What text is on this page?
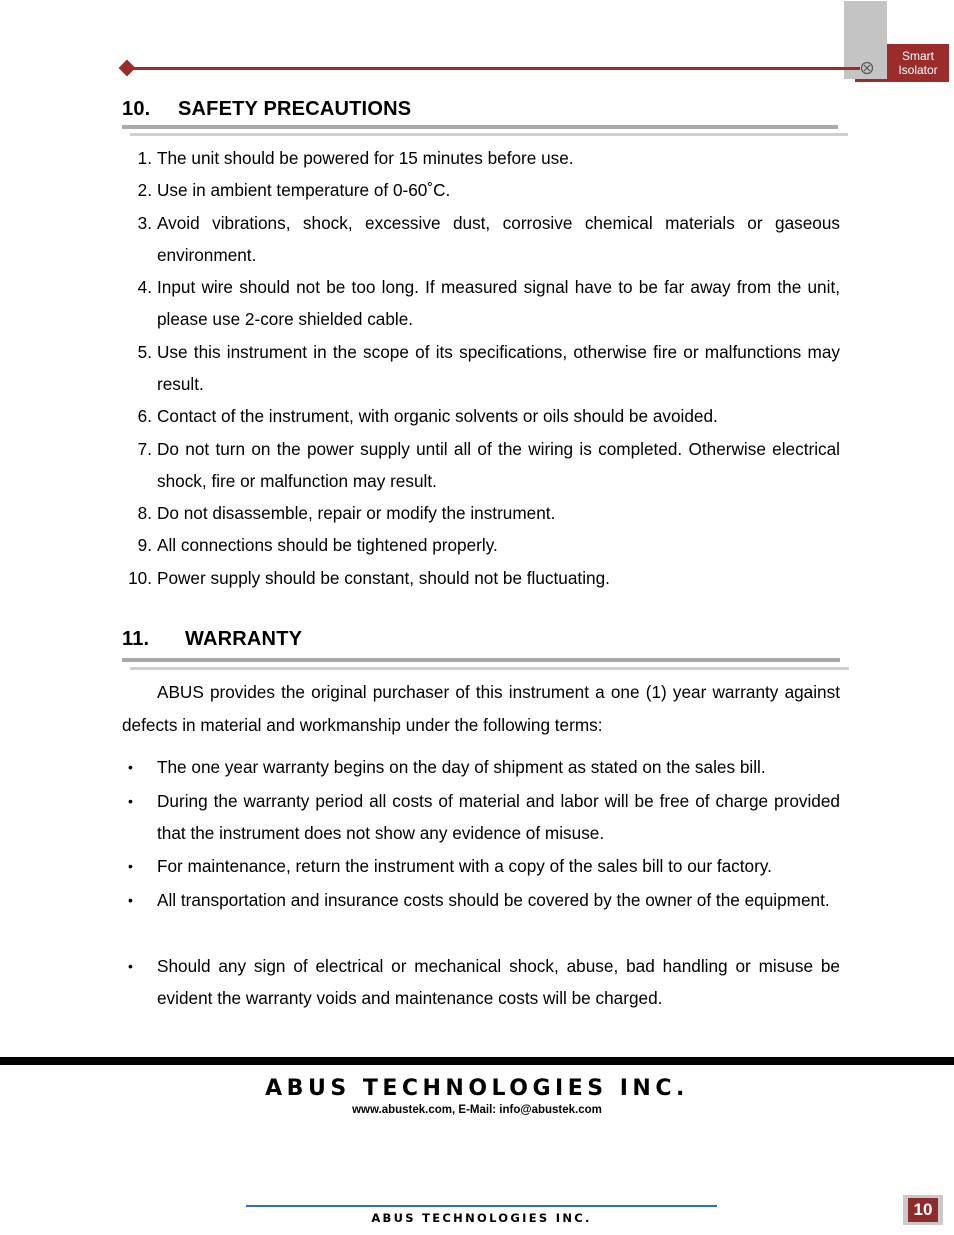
Smart
Isolator
10. SAFETY PRECAUTIONS
1. The unit should be powered for 15 minutes before use.
2. Use in ambient temperature of 0-60˚C.
3. Avoid vibrations, shock, excessive dust, corrosive chemical materials or gaseous environment.
4. Input wire should not be too long. If measured signal have to be far away from the unit, please use 2-core shielded cable.
5. Use this instrument in the scope of its specifications, otherwise fire or malfunctions may result.
6. Contact of the instrument, with organic solvents or oils should be avoided.
7. Do not turn on the power supply until all of the wiring is completed. Otherwise electrical shock, fire or malfunction may result.
8. Do not disassemble, repair or modify the instrument.
9. All connections should be tightened properly.
10. Power supply should be constant, should not be fluctuating.
11. WARRANTY
ABUS provides the original purchaser of this instrument a one (1) year warranty against defects in material and workmanship under the following terms:
• The one year warranty begins on the day of shipment as stated on the sales bill.
• During the warranty period all costs of material and labor will be free of charge provided that the instrument does not show any evidence of misuse.
• For maintenance, return the instrument with a copy of the sales bill to our factory.
• All transportation and insurance costs should be covered by the owner of the equipment.
• Should any sign of electrical or mechanical shock, abuse, bad handling or misuse be evident the warranty voids and maintenance costs will be charged.
ABUS TECHNOLOGIES INC.
www.abustek.com, E-Mail: info@abustek.com
ABUS TECHNOLOGIES INC.	10
